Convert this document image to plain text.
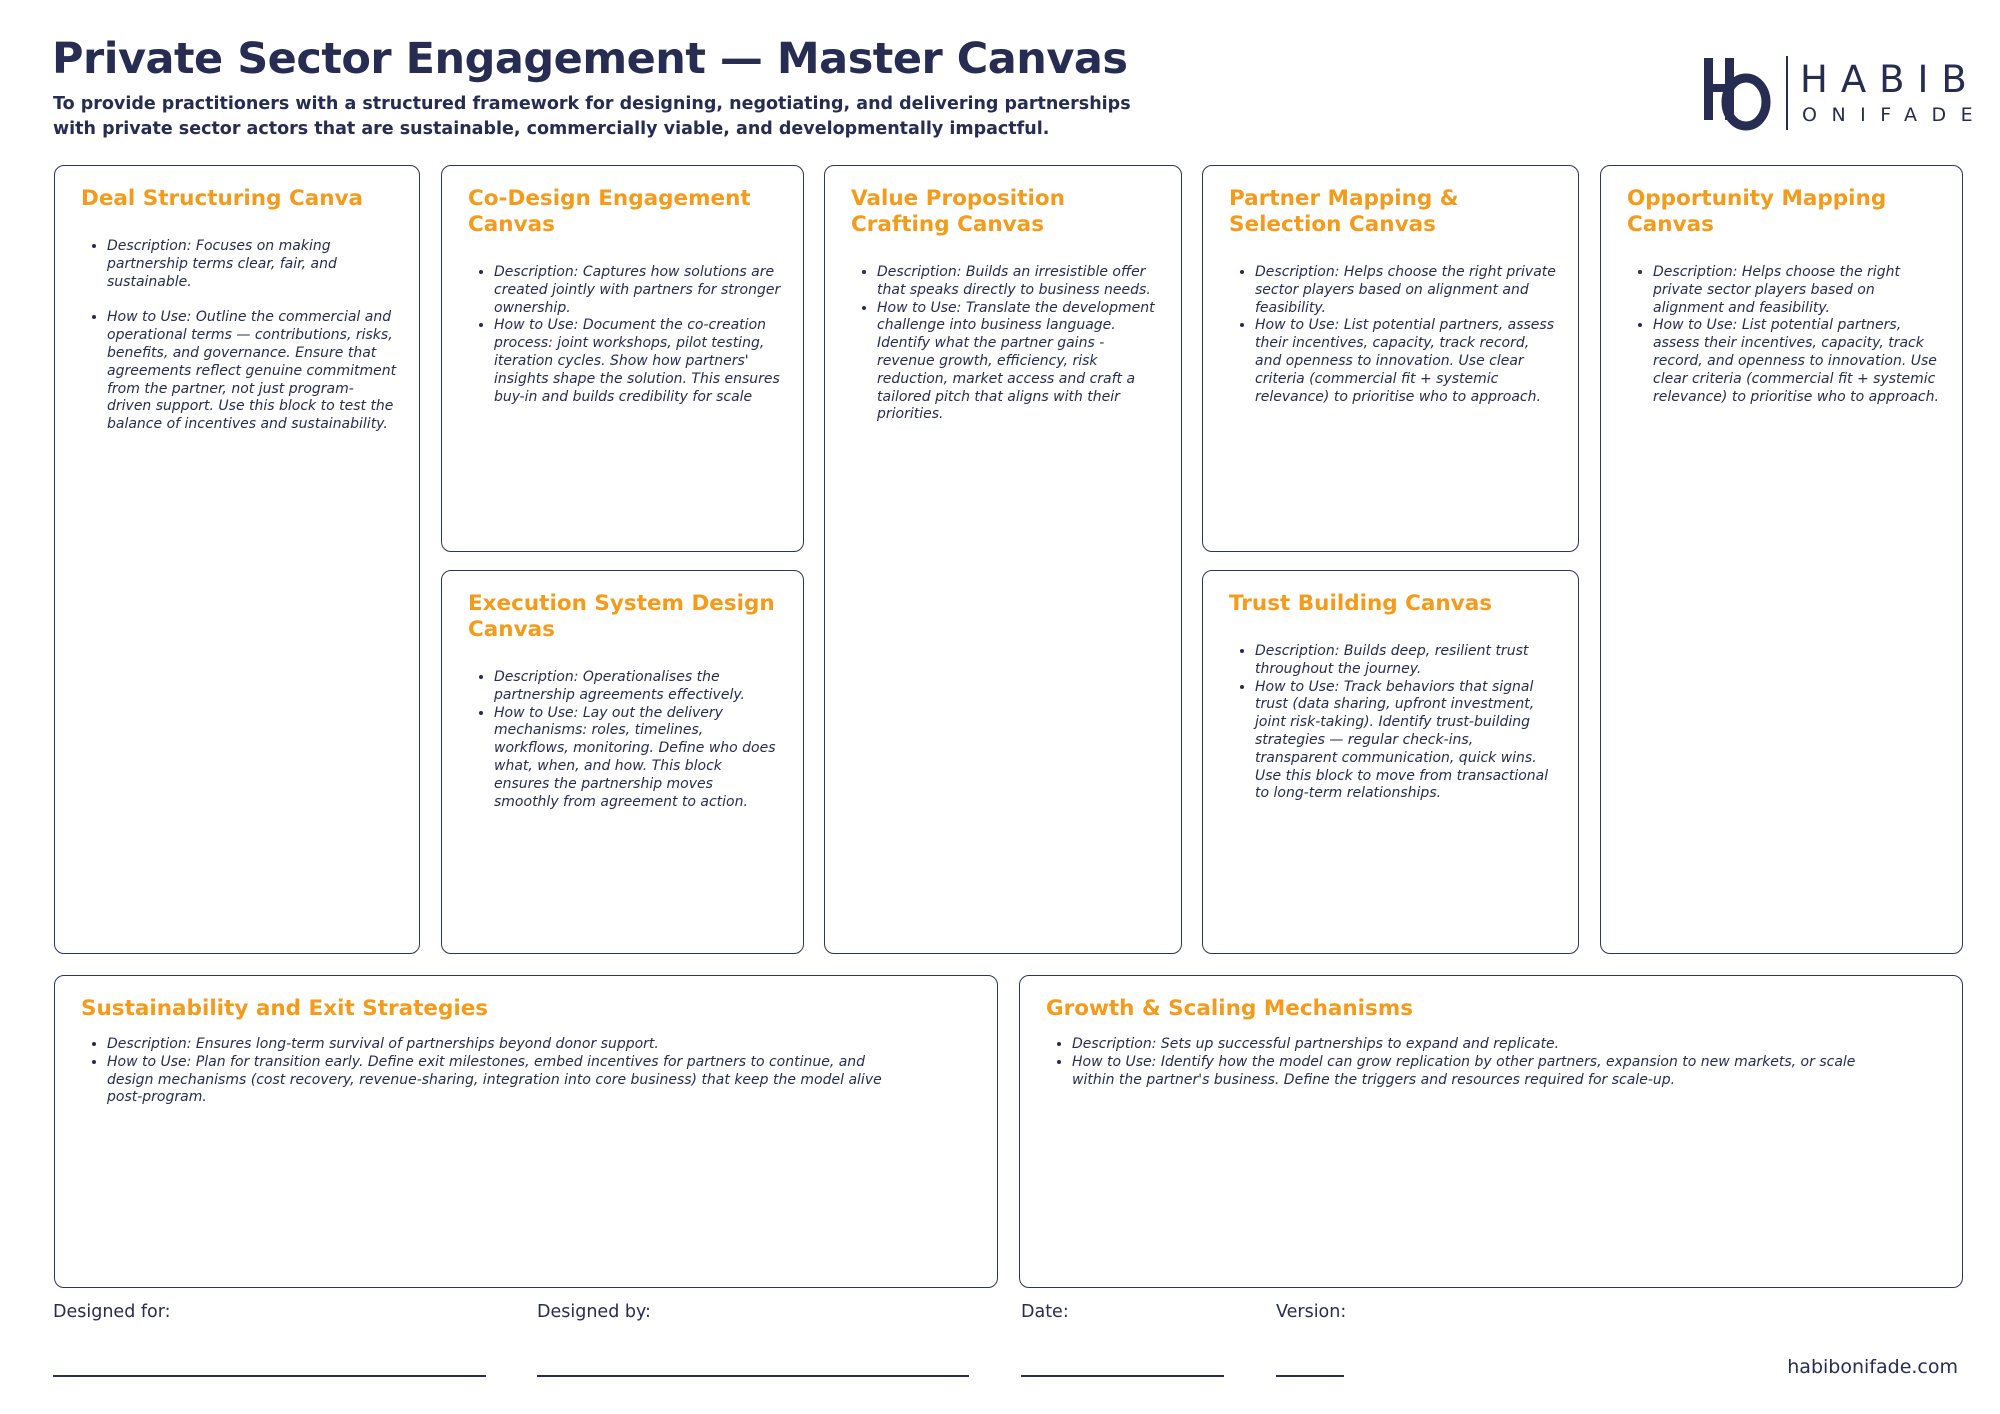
Private Sector Engagement — Master Canvas

To provide practitioners with a structured framework for designing, negotiating, and delivering partnerships with private sector actors that are sustainable, commercially viable, and developmentally impactful.

HABIB
ONIFADE
Deal Structuring Canva
• Description: Focuses on making partnership terms clear, fair, and sustainable.
• How to Use: Outline the commercial and operational terms — contributions, risks, benefits, and governance. Ensure that agreements reflect genuine commitment from the partner, not just program-driven support. Use this block to test the balance of incentives and sustainability.
Co-Design Engagement Canvas
• Description: Captures how solutions are created jointly with partners for stronger ownership.
• How to Use: Document the co-creation process: joint workshops, pilot testing, iteration cycles. Show how partners' insights shape the solution. This ensures buy-in and builds credibility for scale
Execution System Design Canvas
• Description: Operationalises the partnership agreements effectively.
• How to Use: Lay out the delivery mechanisms: roles, timelines, workflows, monitoring. Define who does what, when, and how. This block ensures the partnership moves smoothly from agreement to action.
Value Proposition Crafting Canvas
• Description: Builds an irresistible offer that speaks directly to business needs.
• How to Use: Translate the development challenge into business language. Identify what the partner gains - revenue growth, efficiency, risk reduction, market access and craft a tailored pitch that aligns with their priorities.
Partner Mapping & Selection Canvas
• Description: Helps choose the right private sector players based on alignment and feasibility.
• How to Use: List potential partners, assess their incentives, capacity, track record, and openness to innovation. Use clear criteria (commercial fit + systemic relevance) to prioritise who to approach.
Trust Building Canvas
• Description: Builds deep, resilient trust throughout the journey.
• How to Use: Track behaviors that signal trust (data sharing, upfront investment, joint risk-taking). Identify trust-building strategies — regular check-ins, transparent communication, quick wins. Use this block to move from transactional to long-term relationships.
Opportunity Mapping Canvas
• Description: Helps choose the right private sector players based on alignment and feasibility.
• How to Use: List potential partners, assess their incentives, capacity, track record, and openness to innovation. Use clear criteria (commercial fit + systemic relevance) to prioritise who to approach.
Sustainability and Exit Strategies
• Description: Ensures long-term survival of partnerships beyond donor support.
• How to Use: Plan for transition early. Define exit milestones, embed incentives for partners to continue, and design mechanisms (cost recovery, revenue-sharing, integration into core business) that keep the model alive post-program.
Growth & Scaling Mechanisms
• Description: Sets up successful partnerships to expand and replicate.
• How to Use: Identify how the model can grow replication by other partners, expansion to new markets, or scale within the partner's business. Define the triggers and resources required for scale-up.
Designed for:	Designed by:	Date:	Version:
habibonifade.com
